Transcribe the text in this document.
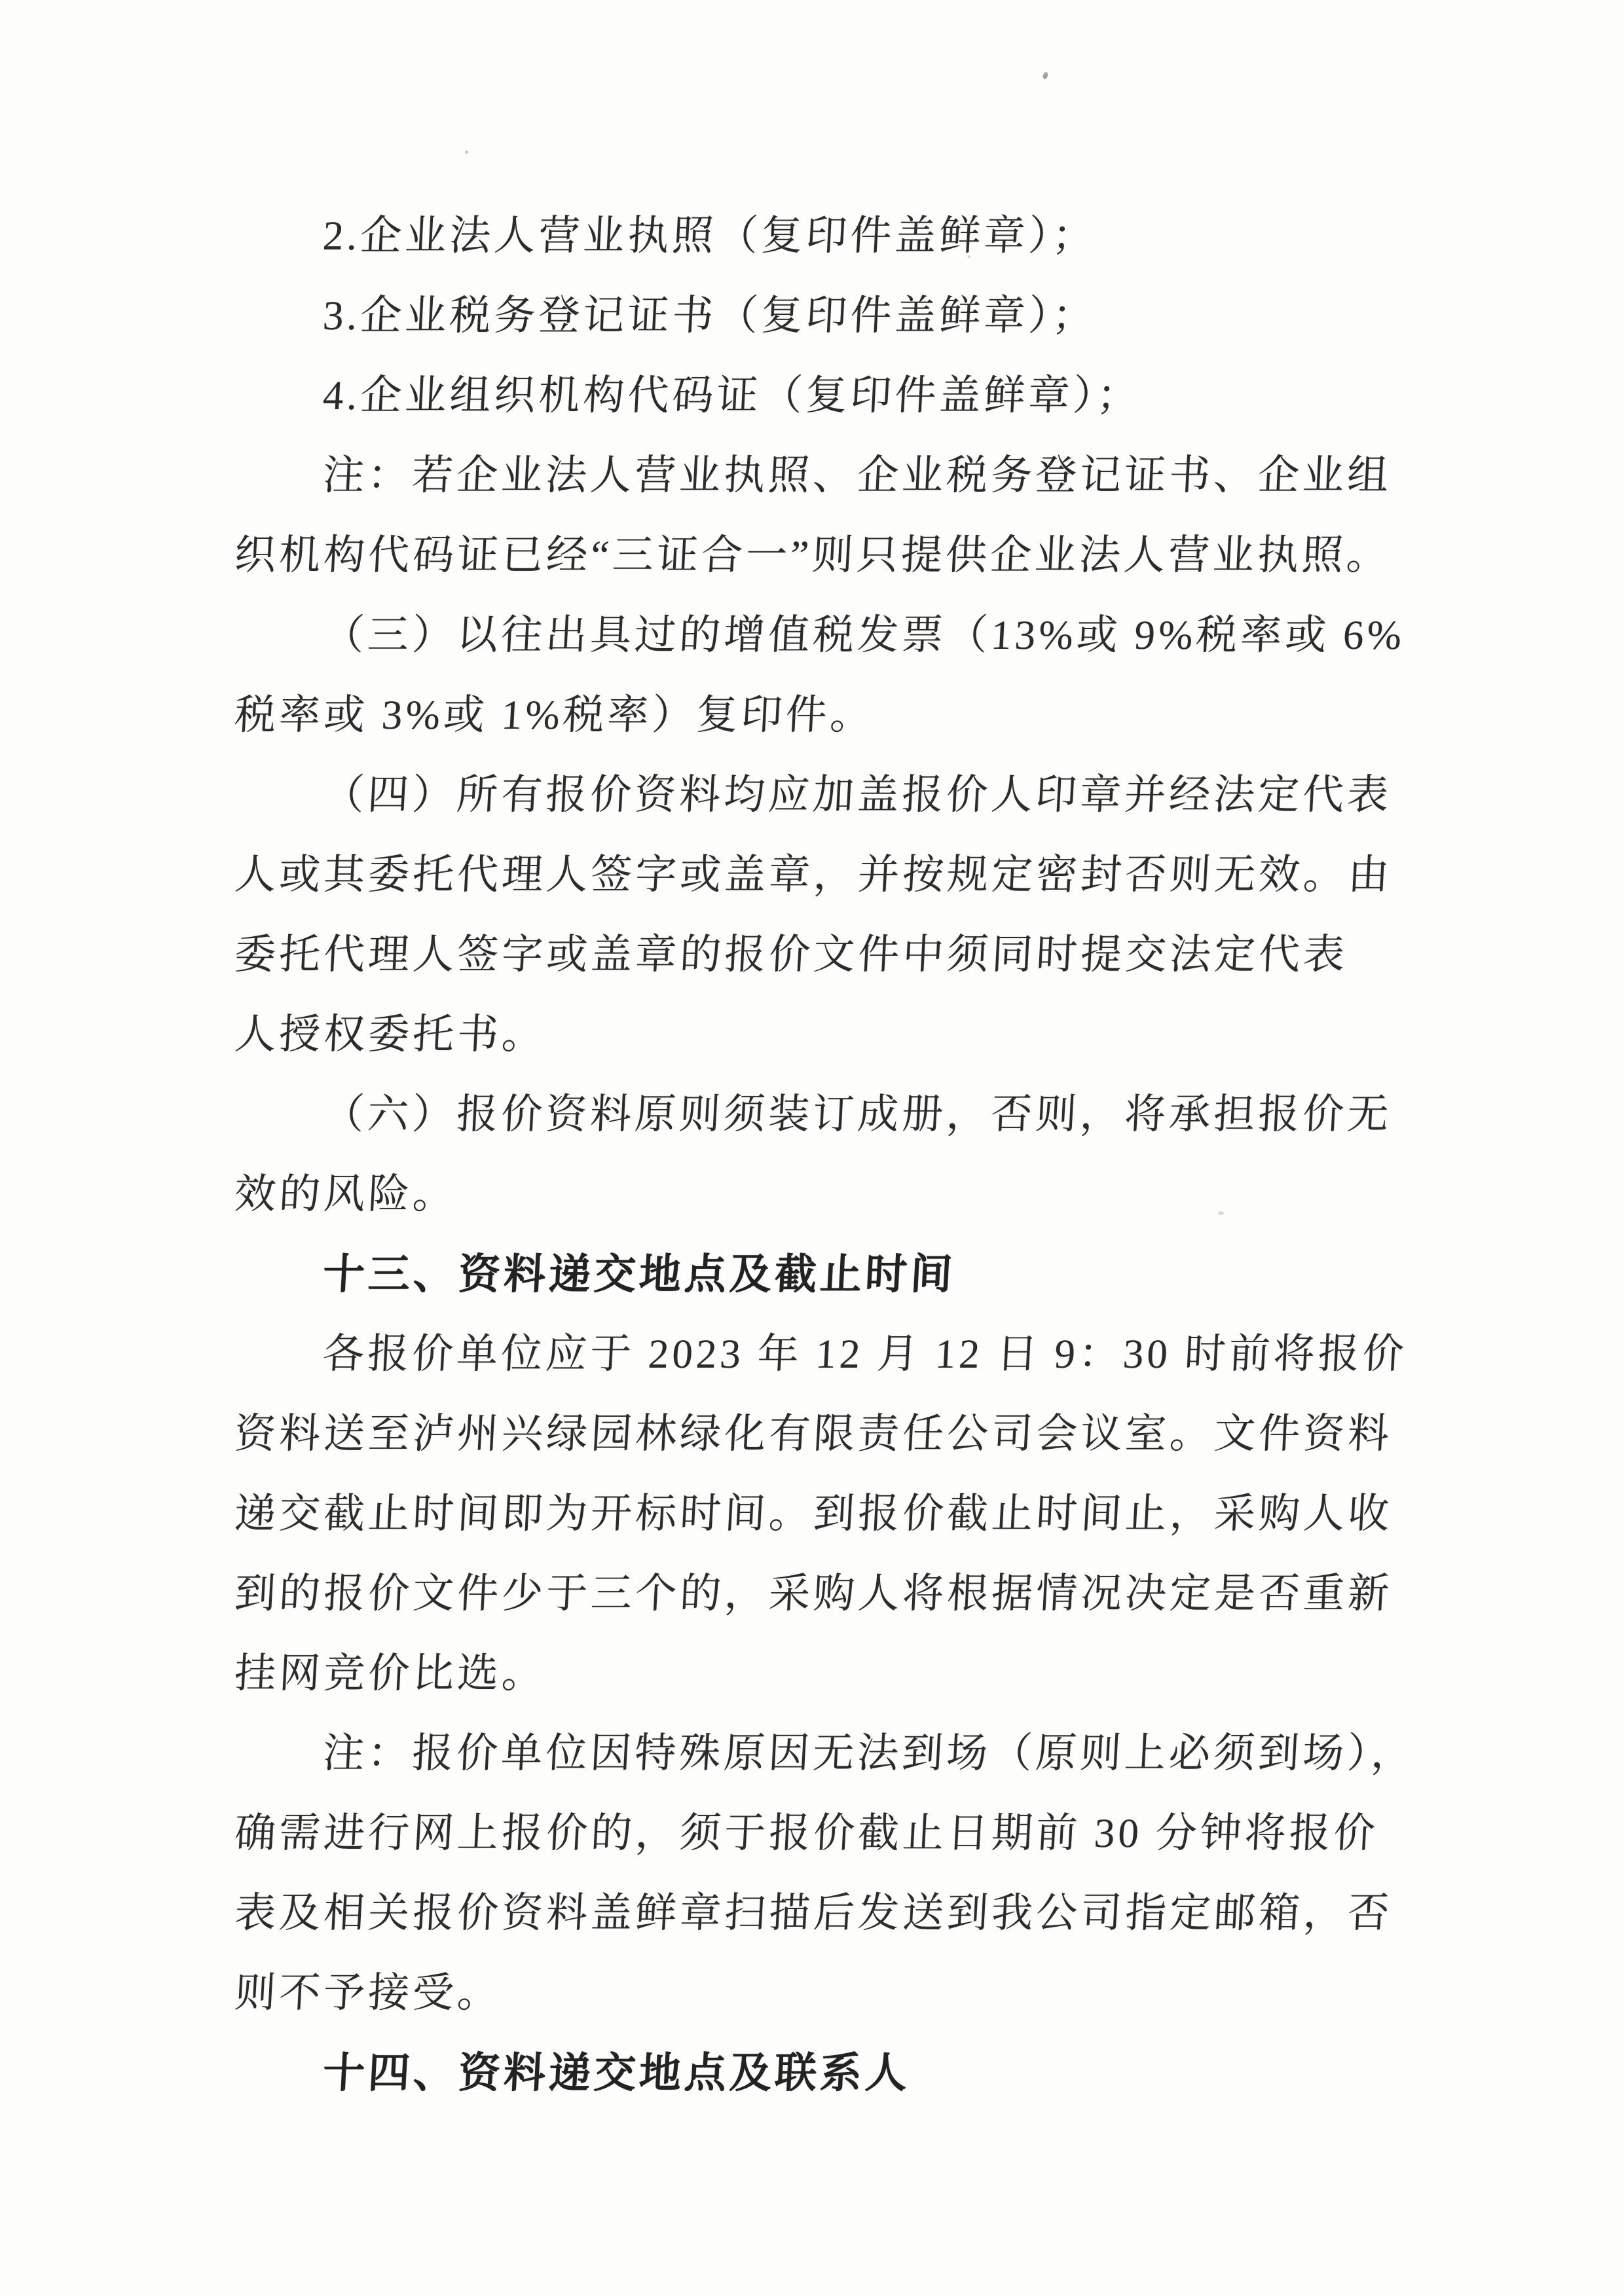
2.企业法人营业执照（复印件盖鲜章）；
3.企业税务登记证书（复印件盖鲜章）；
4.企业组织机构代码证（复印件盖鲜章）；
注：若企业法人营业执照、企业税务登记证书、企业组
织机构代码证已经“三证合一”则只提供企业法人营业执照。
（三）以往出具过的增值税发票（13%或 9%税率或 6%
税率或 3%或 1%税率）复印件。
（四）所有报价资料均应加盖报价人印章并经法定代表
人或其委托代理人签字或盖章，并按规定密封否则无效。由
委托代理人签字或盖章的报价文件中须同时提交法定代表
人授权委托书。
（六）报价资料原则须装订成册，否则，将承担报价无
效的风险。
十三、资料递交地点及截止时间
各报价单位应于 2023 年 12 月 12 日 9：30 时前将报价
资料送至泸州兴绿园林绿化有限责任公司会议室。文件资料
递交截止时间即为开标时间。到报价截止时间止，采购人收
到的报价文件少于三个的，采购人将根据情况决定是否重新
挂网竞价比选。
注：报价单位因特殊原因无法到场（原则上必须到场），
确需进行网上报价的，须于报价截止日期前 30 分钟将报价
表及相关报价资料盖鲜章扫描后发送到我公司指定邮箱，否
则不予接受。
十四、资料递交地点及联系人
